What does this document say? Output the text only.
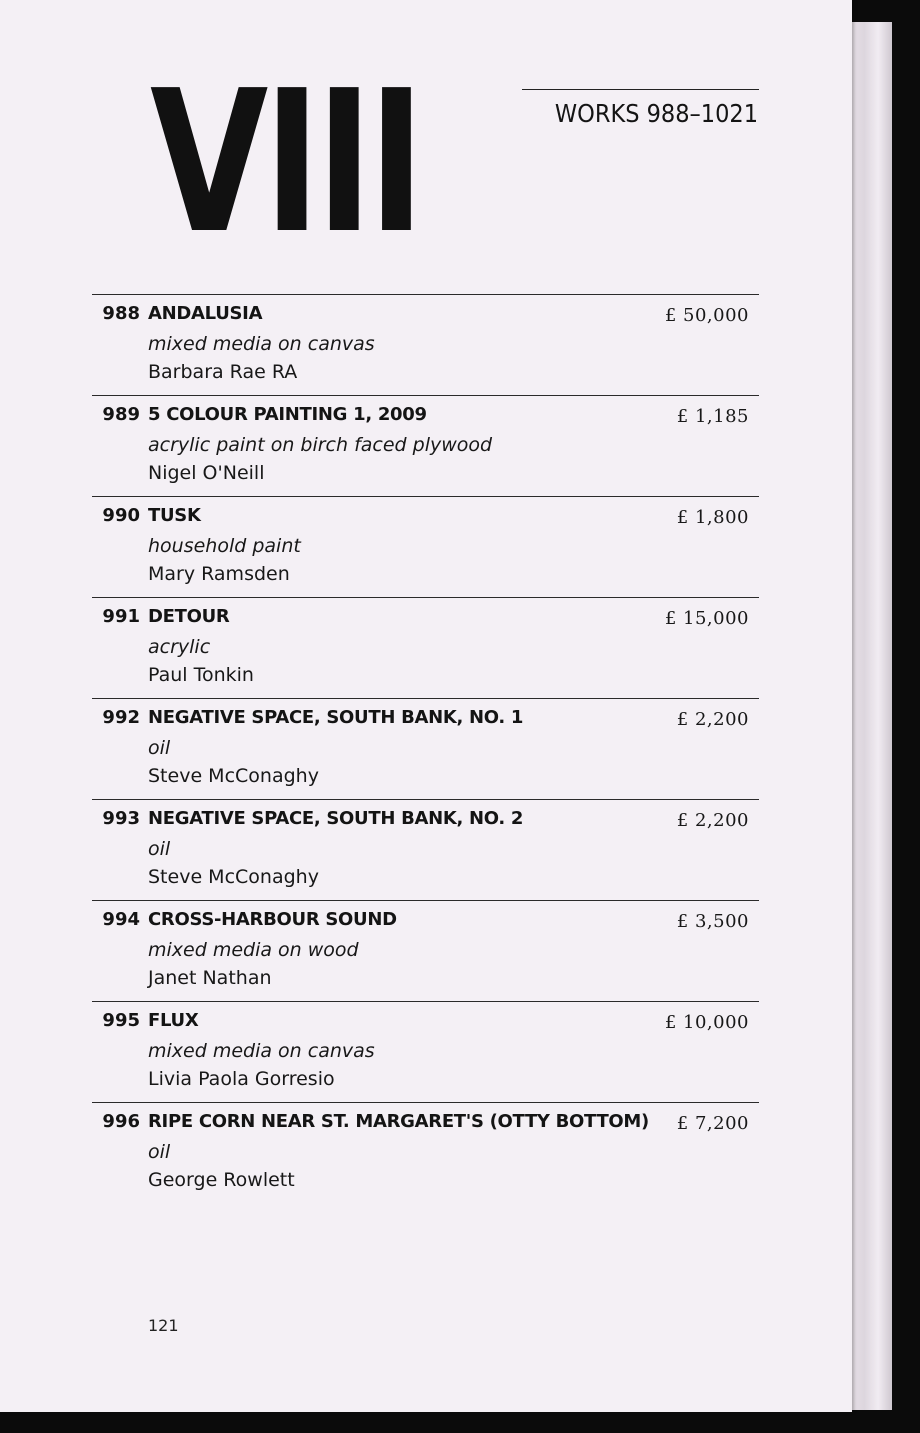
VIII	WORKS 988–1021
988 ANDALUSIA
mixed media on canvas
Barbara Rae RA
£ 50,000
989 5 COLOUR PAINTING 1, 2009
acrylic paint on birch faced plywood
Nigel O'Neill
£ 1,185
990 TUSK
household paint
Mary Ramsden
£ 1,800
991 DETOUR
acrylic
Paul Tonkin
£ 15,000
992 NEGATIVE SPACE, SOUTH BANK, NO. 1
oil
Steve McConaghy
£ 2,200
993 NEGATIVE SPACE, SOUTH BANK, NO. 2
oil
Steve McConaghy
£ 2,200
994 CROSS-HARBOUR SOUND
mixed media on wood
Janet Nathan
£ 3,500
995 FLUX
mixed media on canvas
Livia Paola Gorresio
£ 10,000
996 RIPE CORN NEAR ST. MARGARET'S (OTTY BOTTOM)
oil
George Rowlett
£ 7,200
121
